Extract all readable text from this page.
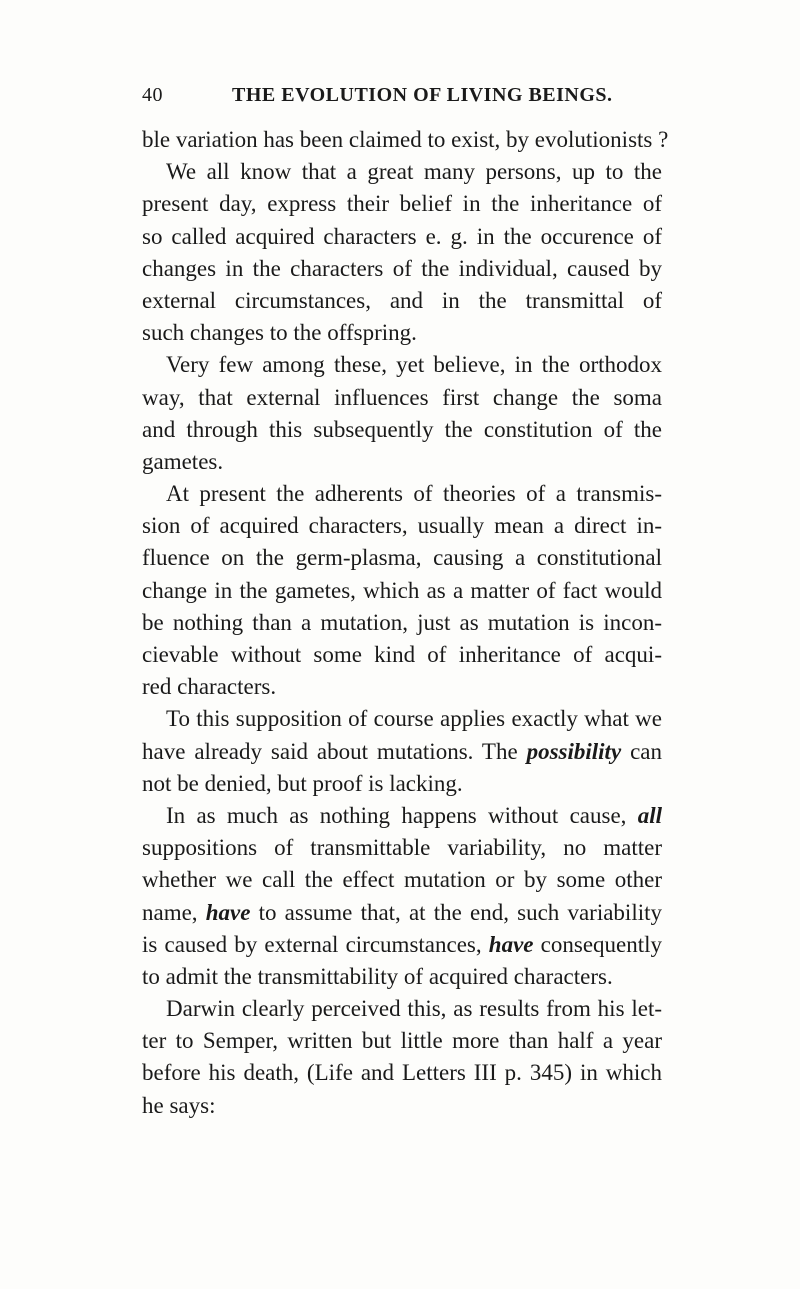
40	THE EVOLUTION OF LIVING BEINGS.
ble variation has been claimed to exist, by evolutionists ?
We all know that a great many persons, up to the
present day, express their belief in the inheritance of
so called acquired characters e. g. in the occurence of
changes in the characters of the individual, caused by
external circumstances, and in the transmittal of
such changes to the offspring.
Very few among these, yet believe, in the orthodox
way, that external influences first change the soma
and through this subsequently the constitution of the
gametes.
At present the adherents of theories of a transmis-
sion of acquired characters, usually mean a direct in-
fluence on the germ-plasma, causing a constitutional
change in the gametes, which as a matter of fact would
be nothing than a mutation, just as mutation is incon-
cievable without some kind of inheritance of acqui-
red characters.
To this supposition of course applies exactly what we
have already said about mutations. The possibility can
not be denied, but proof is lacking.
In as much as nothing happens without cause, all
suppositions of transmittable variability, no matter
whether we call the effect mutation or by some other
name, have to assume that, at the end, such variability
is caused by external circumstances, have consequently
to admit the transmittability of acquired characters.
Darwin clearly perceived this, as results from his let-
ter to Semper, written but little more than half a year
before his death, (Life and Letters III p. 345) in which
he says:
